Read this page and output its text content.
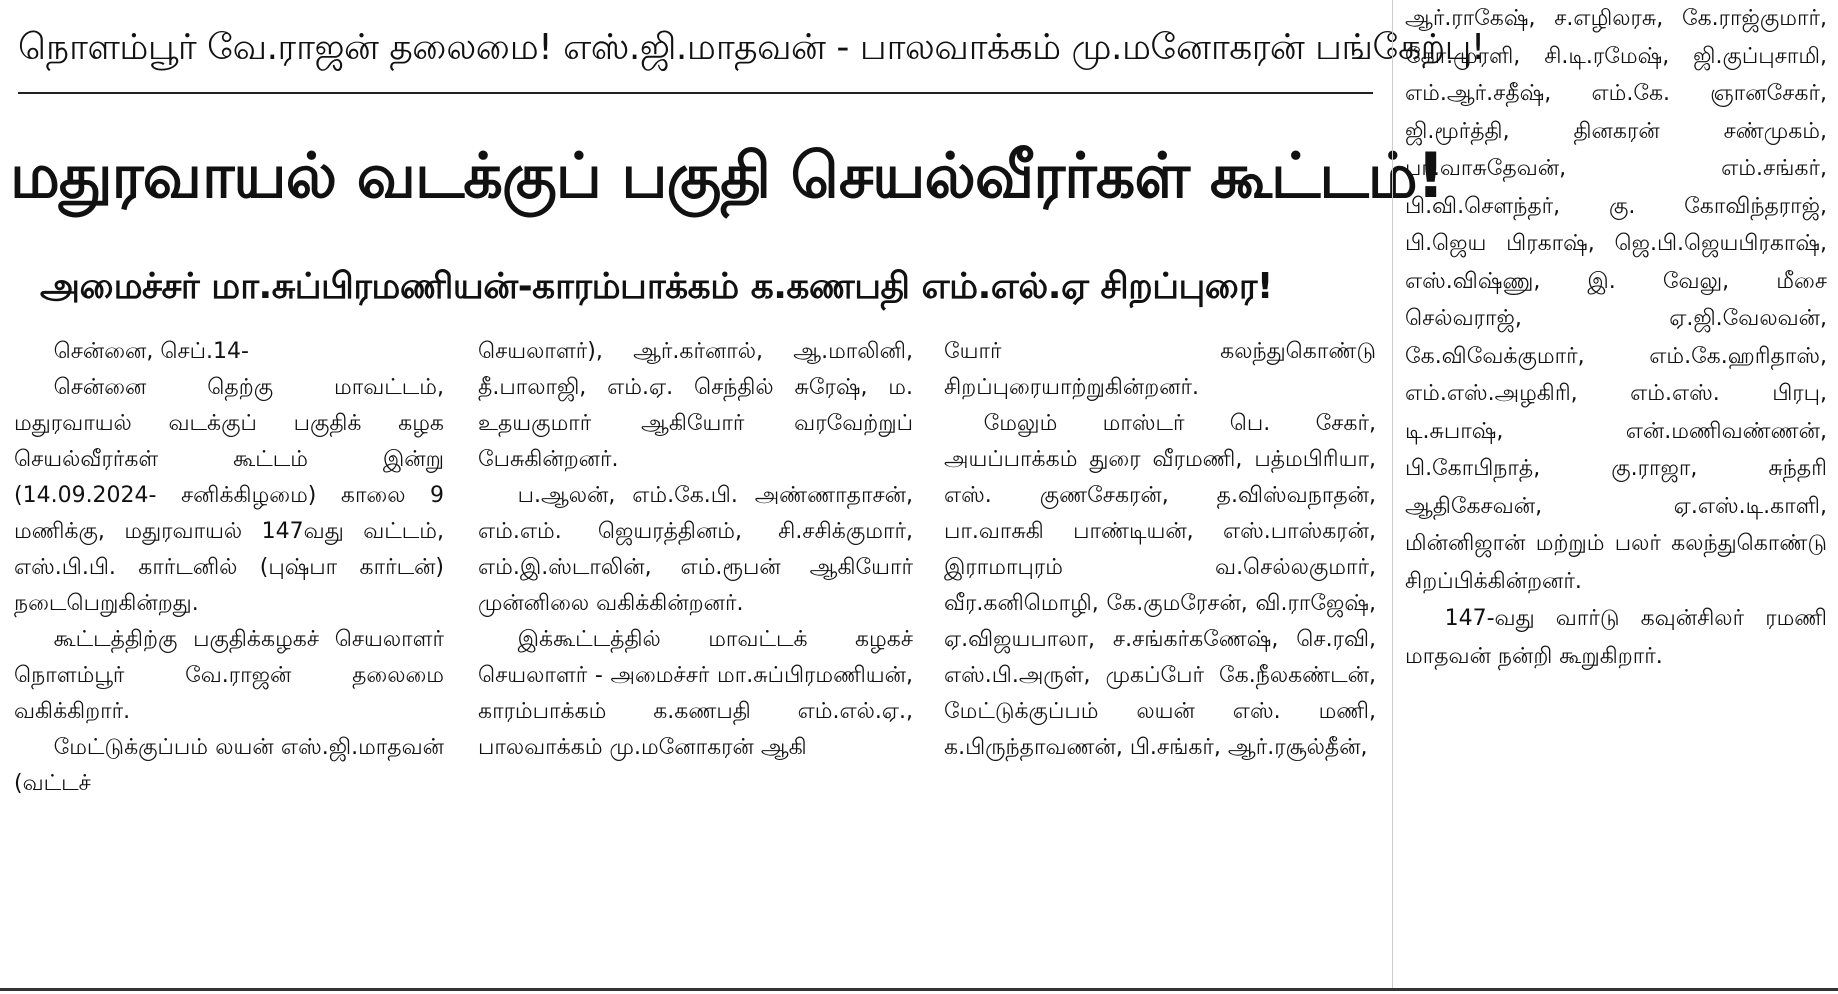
நொளம்பூர் வே.ராஜன் தலைமை! எஸ்.ஜி.மாதவன் - பாலவாக்கம் மு.மனோகரன் பங்கேற்பு!
மதுரவாயல் வடக்குப் பகுதி செயல்வீரர்கள் கூட்டம்!
அமைச்சர் மா.சுப்பிரமணியன்-காரம்பாக்கம் க.கணபதி எம்.எல்.ஏ சிறப்புரை!

சென்னை, செப்.14-

சென்னை தெற்கு மாவட்டம், மதுரவாயல் வடக்குப் பகுதிக் கழக செயல்வீரர்கள் கூட்டம் இன்று (14.09.2024- சனிக்கிழமை) காலை 9 மணிக்கு, மதுரவாயல் 147வது வட்டம், எஸ்.பி.பி. கார்டனில் (புஷ்பா கார்டன்) நடைபெறுகின்றது.

கூட்டத்திற்கு பகுதிக்கழகச் செயலாளர் நொளம்பூர் வே.ராஜன் தலைமை வகிக்கிறார்.

மேட்டுக்குப்பம் லயன் எஸ்.ஜி.மாதவன் (வட்டச்

செயலாளர்), ஆர்.கர்னால், ஆ.மாலினி, தீ.பாலாஜி, எம்.ஏ. செந்தில் சுரேஷ், ம. உதயகுமார் ஆகியோர் வரவேற்றுப் பேசுகின்றனர்.

ப.ஆலன், எம்.கே.பி. அண்ணாதாசன், எம்.எம். ஜெயரத்தினம், சி.சசிக்குமார், எம்.இ.ஸ்டாலின், எம்.ரூபன் ஆகியோர் முன்னிலை வகிக்கின்றனர்.

இக்கூட்டத்தில் மாவட்டக் கழகச் செயலாளர் - அமைச்சர் மா.சுப்பிரமணியன், காரம்பாக்கம் க.கணபதி எம்.எல்.ஏ., பாலவாக்கம் மு.மனோகரன் ஆகி

யோர் கலந்துகொண்டு சிறப்புரையாற்றுகின்றனர்.

மேலும் மாஸ்டர் பெ. சேகர், அயப்பாக்கம் துரை வீரமணி, பத்மபிரியா, எஸ். குணசேகரன், த.விஸ்வநாதன், பா.வாசுகி பாண்டியன், எஸ்.பாஸ்கரன், இராமாபுரம் வ.செல்லகுமார், வீர.கனிமொழி, கே.குமரேசன், வி.ராஜேஷ், ஏ.விஜயபாலா, ச.சங்கர்கணேஷ், செ.ரவி, எஸ்.பி.அருள், முகப்பேர் கே.நீலகண்டன், மேட்டுக்குப்பம் லயன் எஸ். மணி, க.பிருந்தாவணன், பி.சங்கர், ஆர்.ரசூல்தீன்,

ஆர்.ராகேஷ், ச.எழிலரசு, கே.ராஜ்குமார், கோ.முரளி, சி.டி.ரமேஷ், ஜி.குப்புசாமி, எம்.ஆர்.சதீஷ், எம்.கே. ஞானசேகர், ஜி.மூர்த்தி, தினகரன் சண்முகம், பா.வாசுதேவன், எம்.சங்கர், பி.வி.சௌந்தர், கு. கோவிந்தராஜ், பி.ஜெய பிரகாஷ், ஜெ.பி.ஜெயபிரகாஷ், எஸ்.விஷ்ணு, இ. வேலு, மீசை செல்வராஜ், ஏ.ஜி.வேலவன், கே.விவேக்குமார், எம்.கே.ஹரிதாஸ், எம்.எஸ்.அழகிரி, எம்.எஸ். பிரபு, டி.சுபாஷ், என்.மணிவண்ணன், பி.கோபிநாத், கு.ராஜா, சுந்தரி ஆதிகேசவன், ஏ.எஸ்.டி.காளி, மின்னிஜான் மற்றும் பலர் கலந்துகொண்டு சிறப்பிக்கின்றனர்.

147-வது வார்டு கவுன்சிலர் ரமணி மாதவன் நன்றி கூறுகிறார்.
